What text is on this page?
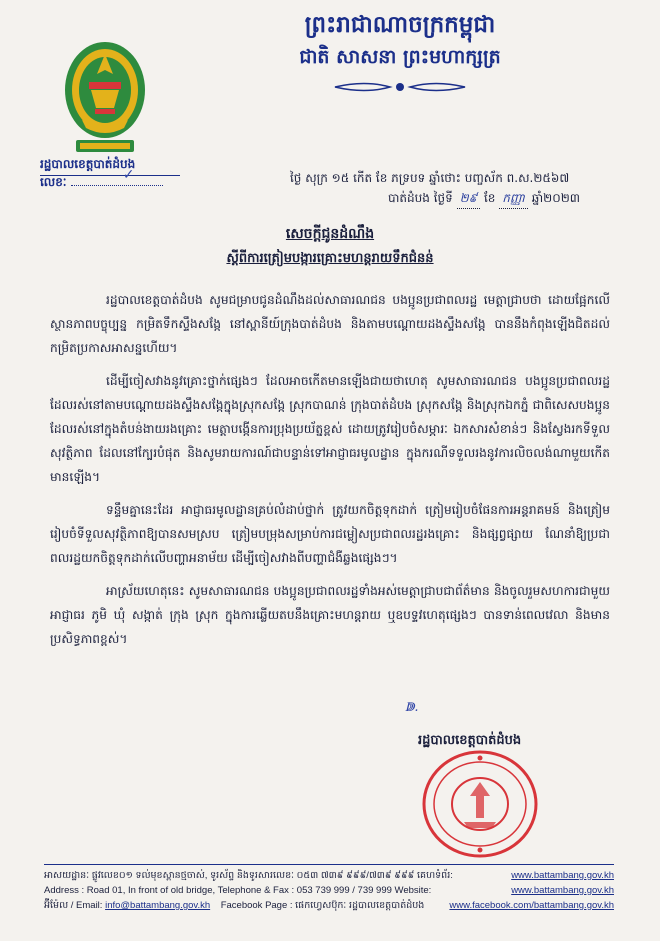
ព្រះរាជាណាចក្រកម្ពុជា
ជាតិ សាសនា ព្រះមហាក្សត្រ
រដ្ឋបាលខេត្តបាត់ដំបង
លេខៈ	✓	ថ្ងៃ សុក្រ ១៥ កើត ខែ ភទ្របទ ឆ្នាំថោះ បញ្ចស័ក ព.ស.២៥៦៧
បាត់ដំបង ថ្ងៃទី ២៩ ខែ កញ្ញា ឆ្នាំ២០២៣
សេចក្តីជូនដំណឹង
ស្តីពីការត្រៀមបង្ការគ្រោះមហន្តរាយទឹកជំនន់

រដ្ឋបាលខេត្តបាត់ដំបង សូមជម្រាបជូនដំណឹងដល់សាធារណជន បងប្អូនប្រជាពលរដ្ឋ មេត្តាជ្រាបថា ដោយផ្អែកលើស្ថានភាពបច្ចុប្បន្ន កម្រិតទឹកស្ទឹងសង្កែ នៅស្ពានីយ៍ក្រុងបាត់ដំបង និងតាមបណ្តោយដងស្ទឹងសង្កែ បាននឹងកំពុងឡើងជិតដល់កម្រិតប្រកាសអាសន្នហើយ។

ដើម្បីចៀសវាងនូវគ្រោះថ្នាក់ផ្សេងៗ ដែលអាចកើតមានឡើងជាយថាហេតុ សូមសាធារណជន បងប្អូនប្រជាពលរដ្ឋ ដែលរស់នៅតាមបណ្តោយដងស្ទឹងសង្កែក្នុងស្រុកសង្កែ ស្រុកបាណន់ ក្រុងបាត់ដំបង ស្រុកសង្កែ និងស្រុកឯកភ្នំ ជាពិសេសបងប្អូនដែលរស់នៅក្នុងតំបន់ងាយរងគ្រោះ មេត្តាបង្កើនការប្រុងប្រយ័ត្នខ្ពស់ ដោយត្រូវរៀបចំសម្ភារៈ ឯកសារសំខាន់ៗ និងស្វែងរកទីទួលសុវត្ថិភាព ដែលនៅក្បែរបំផុត និងសូមរាយការណ៍ជាបន្ទាន់ទៅអាជ្ញាធរមូលដ្ឋាន ក្នុងករណីទទួលរងនូវការលិចលង់ណាមួយកើតមានឡើង។

ទន្ទឹមគ្នានេះដែរ អាជ្ញាធរមូលដ្ឋានគ្រប់លំដាប់ថ្នាក់ ត្រូវយកចិត្តទុកដាក់ ត្រៀមរៀបចំផែនការអន្តរាគមន៍ និងត្រៀមរៀបចំទីទួលសុវត្ថិភាពឱ្យបានសមស្រប ត្រៀមបម្រុងសម្រាប់ការជម្លៀសប្រជាពលរដ្ឋរងគ្រោះ និងផ្សព្វផ្សាយ ណែនាំឱ្យប្រជាពលរដ្ឋយកចិត្តទុកដាក់លើបញ្ហាអនាម័យ ដើម្បីចៀសវាងពីបញ្ហាជំងឺឆ្លងផ្សេងៗ។

អាស្រ័យហេតុនេះ សូមសាធារណជន បងប្អូនប្រជាពលរដ្ឋទាំងអស់មេត្តាជ្រាបជាព័ត៌មាន និងចូលរួមសហការជាមួយអាជ្ញាធរ ភូមិ ឃុំ សង្កាត់ ក្រុង ស្រុក ក្នុងការឆ្លើយតបនឹងគ្រោះមហន្តរាយ ឬឧបទ្ទវហេតុផ្សេងៗ បានទាន់ពេលវេលា និងមានប្រសិទ្ធភាពខ្ពស់។

ↇ.
រដ្ឋបាលខេត្តបាត់ដំបង
អាសយដ្ឋានៈ ផ្លូវលេខ០១ ទល់មុខស្ពានថ្មចាស់, ទូរស័ព្ទ និងទូរសារលេខៈ ០៥៣ ៧៣៩ ៩៩៩/៧៣៩ ៩៩៩ គេហទំព័រ:	www.battambang.gov.kh
Address : Road 01, In front of old bridge, Telephone & Fax : 053 739 999 / 739 999 Website:	www.battambang.gov.kh
អ៊ីម៉ែល / Email: info@battambang.gov.kh Facebook Page : ផេកហ្វេសប៊ុកៈ រដ្ឋបាលខេត្តបាត់ដំបង	www.facebook.com/battambang.gov.kh
